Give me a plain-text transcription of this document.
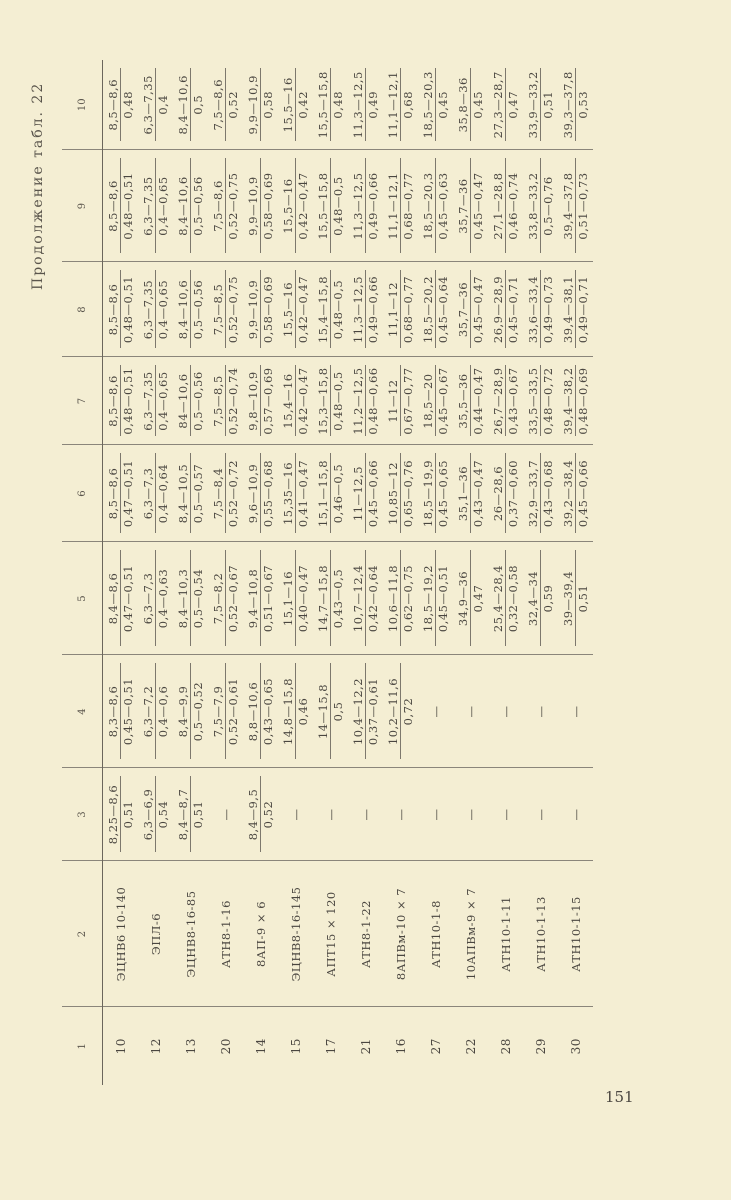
Продолжение табл. 22
1	2	3	4	5	6	7	8	9	10
10	ЭЦНВ6 10-140	8,25—8,6 0,51	8,3—8,6 0,45—0,51	8,4—8,6 0,47—0,51	8,5—8,6 0,47—0,51	8,5—8,6 0,48—0,51	8,5—8,6 0,48—0,51	8,5—8,6 0,48—0,51	8,5—8,6 0,48

12	ЭПЛ-6	6,3—6,9 0,54	6,3—7,2 0,4—0,6	6,3—7,3 0,4—0,63	6,3—7,3 0,4—0,64	6,3—7,35 0,4—0,65	6,3—7,35 0,4—0,65	6,3—7,35 0,4—0,65	6,3—7,35 0,4

13	ЭЦНВ8-16-85	8,4—8,7 0,51	8,4—9,9 0,5—0,52	8,4—10,3 0,5—0,54	8,4—10,5 0,5—0,57	84—10,6 0,5—0,56	8,4—10,6 0,5—0,56	8,4—10,6 0,5—0,56	8,4—10,6 0,5

20	АТН8-1-16	—	7,5—7,9 0,52—0,61	7,5—8,2 0,52—0,67	7,5—8,4 0,52—0,72	7,5—8,5 0,52—0,74	7,5—8,5 0,52—0,75	7,5—8,6 0,52—0,75	7,5—8,6 0,52

14	8АП-9 × 6	8,4—9,5 0,52	8,8—10,6 0,43—0,65	9,4—10,8 0,51—0,67	9,6—10,9 0,55—0,68	9,8—10,9 0,57—0,69	9,9—10,9 0,58—0,69	9,9—10,9 0,58—0,69	9,9—10,9 0,58

15	ЭЦНВ8-16-145	—	14,8—15,8 0,46	15,1—16 0,40—0,47	15,35—16 0,41—0,47	15,4—16 0,42—0,47	15,5—16 0,42—0,47	15,5—16 0,42—0,47	15,5—16 0,42

17	АПТ15 × 120	—	14—15,8 0,5	14,7—15,8 0,43—0,5	15,1—15,8 0,46—0,5	15,3—15,8 0,48—0,5	15,4—15,8 0,48—0,5	15,5—15,8 0,48—0,5	15,5—15,8 0,48

21	АТН8-1-22	—	10,4—12,2 0,37—0,61	10,7—12,4 0,42—0,64	11—12,5 0,45—0,66	11,2—12,5 0,48—0,66	11,3—12,5 0,49—0,66	11,3—12,5 0,49—0,66	11,3—12,5 0,49

16	8АПВм-10 × 7	—	10,2—11,6 0,72	10,6—11,8 0,62—0,75	10,85—12 0,65—0,76	11—12 0,67—0,77	11,1—12 0,68—0,77	11,1—12,1 0,68—0,77	11,1—12,1 0,68

27	АТН10-1-8	—	—	18,5—19,2 0,45—0,51	18,5—19,9 0,45—0,65	18,5—20 0,45—0,67	18,5—20,2 0,45—0,64	18,5—20,3 0,45—0,63	18,5—20,3 0,45

22	10АПВм-9 × 7	—	—	34,9—36 0,47	35,1—36 0,43—0,47	35,5—36 0,44—0,47	35,7—36 0,45—0,47	35,7—36 0,45—0,47	35,8—36 0,45

28	АТН10-1-11	—	—	25,4—28,4 0,32—0,58	26—28,6 0,37—0,60	26,7—28,9 0,43—0,67	26,9—28,9 0,45—0,71	27,1—28,8 0,46—0,74	27,3—28,7 0,47

29	АТН10-1-13	—	—	32,4—34 0,59	32,9—33,7 0,43—0,68	33,5—33,5 0,48—0,72	33,6—33,4 0,49—0,73	33,8—33,2 0,5—0,76	33,9—33,2 0,51

30	АТН10-1-15	—	—	39—39,4 0,51	39,2—38,4 0,45—0,66	39,4—38,2 0,48—0,69	39,4—38,1 0,49—0,71	39,4—37,8 0,51—0,73	39,3—37,8 0,53
151
